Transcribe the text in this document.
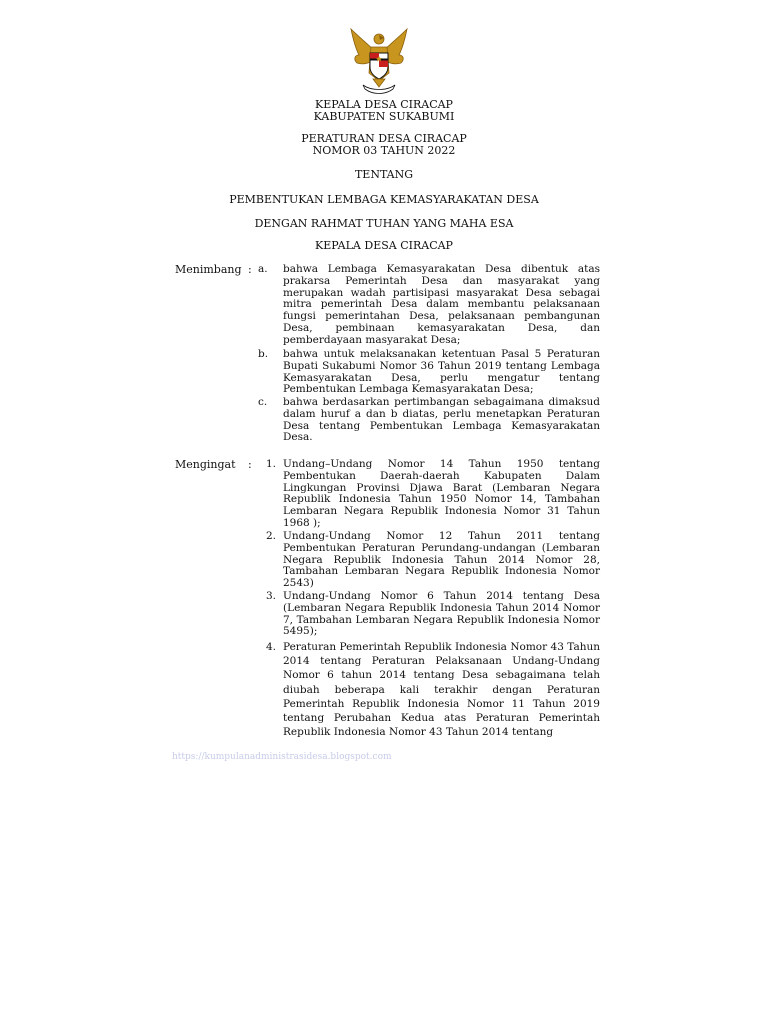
KEPALA DESA CIRACAP
KABUPATEN SUKABUMI
PERATURAN DESA CIRACAP
NOMOR 03 TAHUN 2022
TENTANG
PEMBENTUKAN LEMBAGA KEMASYARAKATAN DESA
DENGAN RAHMAT TUHAN YANG MAHA ESA
KEPALA DESA CIRACAP
Menimbang : a.	bahwa Lembaga Kemasyarakatan Desa dibentuk atas prakarsa Pemerintah Desa dan masyarakat yang merupakan wadah partisipasi masyarakat Desa sebagai mitra pemerintah Desa dalam membantu pelaksanaan fungsi pemerintahan Desa, pelaksanaan pembangunan Desa, pembinaan kemasyarakatan Desa, dan pemberdayaan masyarakat Desa;
b.	bahwa untuk melaksanakan ketentuan Pasal 5 Peraturan Bupati Sukabumi Nomor 36 Tahun 2019 tentang Lembaga Kemasyarakatan Desa, perlu mengatur tentang Pembentukan Lembaga Kemasyarakatan Desa;
c.	bahwa berdasarkan pertimbangan sebagaimana dimaksud dalam huruf a dan b diatas, perlu menetapkan Peraturan Desa tentang Pembentukan Lembaga Kemasyarakatan Desa.
Mengingat :	1. Undang–Undang Nomor 14 Tahun 1950 tentang Pembentukan Daerah-daerah Kabupaten Dalam Lingkungan Provinsi Djawa Barat (Lembaran Negara Republik Indonesia Tahun 1950 Nomor 14, Tambahan Lembaran Negara Republik Indonesia Nomor 31 Tahun 1968 );
2. Undang-Undang Nomor 12 Tahun 2011 tentang Pembentukan Peraturan Perundang-undangan (Lembaran Negara Republik Indonesia Tahun 2014 Nomor 28, Tambahan Lembaran Negara Republik Indonesia Nomor 2543)
3. Undang-Undang Nomor 6 Tahun 2014 tentang Desa (Lembaran Negara Republik Indonesia Tahun 2014 Nomor 7, Tambahan Lembaran Negara Republik Indonesia Nomor 5495);
4. Peraturan Pemerintah Republik Indonesia Nomor 43 Tahun 2014 tentang Peraturan Pelaksanaan Undang-Undang Nomor 6 tahun 2014 tentang Desa sebagaimana telah diubah beberapa kali terakhir dengan Peraturan Pemerintah Republik Indonesia Nomor 11 Tahun 2019 tentang Perubahan Kedua atas Peraturan Pemerintah Republik Indonesia Nomor 43 Tahun 2014 tentang
https://kumpulanadministrasidesa.blogspot.com
